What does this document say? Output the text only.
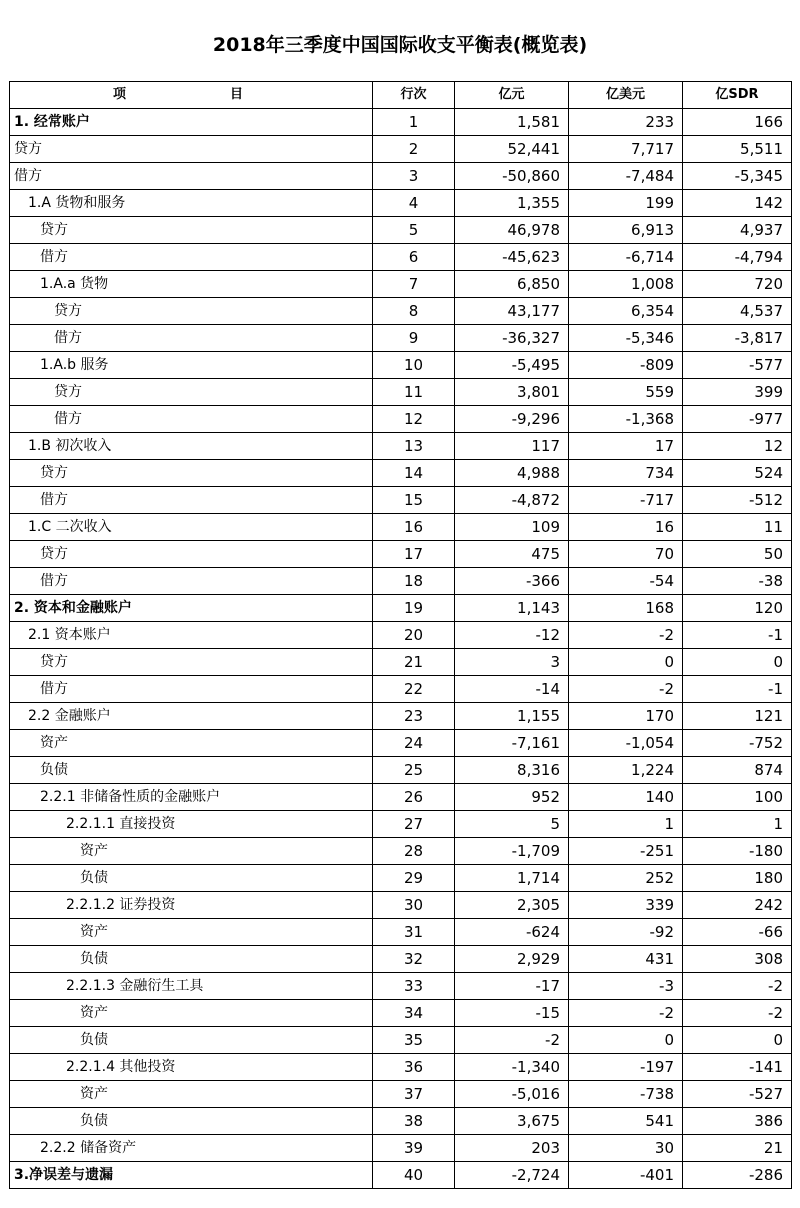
2018年三季度中国国际收支平衡表(概览表)
项　　目	行次	亿元	亿美元	亿SDR
1. 经常账户	1	1,581	233	166
贷方	2	52,441	7,717	5,511
借方	3	-50,860	-7,484	-5,345
1.A 货物和服务	4	1,355	199	142
贷方	5	46,978	6,913	4,937
借方	6	-45,623	-6,714	-4,794
1.A.a 货物	7	6,850	1,008	720
贷方	8	43,177	6,354	4,537
借方	9	-36,327	-5,346	-3,817
1.A.b 服务	10	-5,495	-809	-577
贷方	11	3,801	559	399
借方	12	-9,296	-1,368	-977
1.B 初次收入	13	117	17	12
贷方	14	4,988	734	524
借方	15	-4,872	-717	-512
1.C 二次收入	16	109	16	11
贷方	17	475	70	50
借方	18	-366	-54	-38
2. 资本和金融账户	19	1,143	168	120
2.1 资本账户	20	-12	-2	-1
贷方	21	3	0	0
借方	22	-14	-2	-1
2.2 金融账户	23	1,155	170	121
资产	24	-7,161	-1,054	-752
负债	25	8,316	1,224	874
2.2.1 非储备性质的金融账户	26	952	140	100
2.2.1.1 直接投资	27	5	1	1
资产	28	-1,709	-251	-180
负债	29	1,714	252	180
2.2.1.2 证券投资	30	2,305	339	242
资产	31	-624	-92	-66
负债	32	2,929	431	308
2.2.1.3 金融衍生工具	33	-17	-3	-2
资产	34	-15	-2	-2
负债	35	-2	0	0
2.2.1.4 其他投资	36	-1,340	-197	-141
资产	37	-5,016	-738	-527
负债	38	3,675	541	386
2.2.2 储备资产	39	203	30	21
3.净误差与遗漏	40	-2,724	-401	-286
